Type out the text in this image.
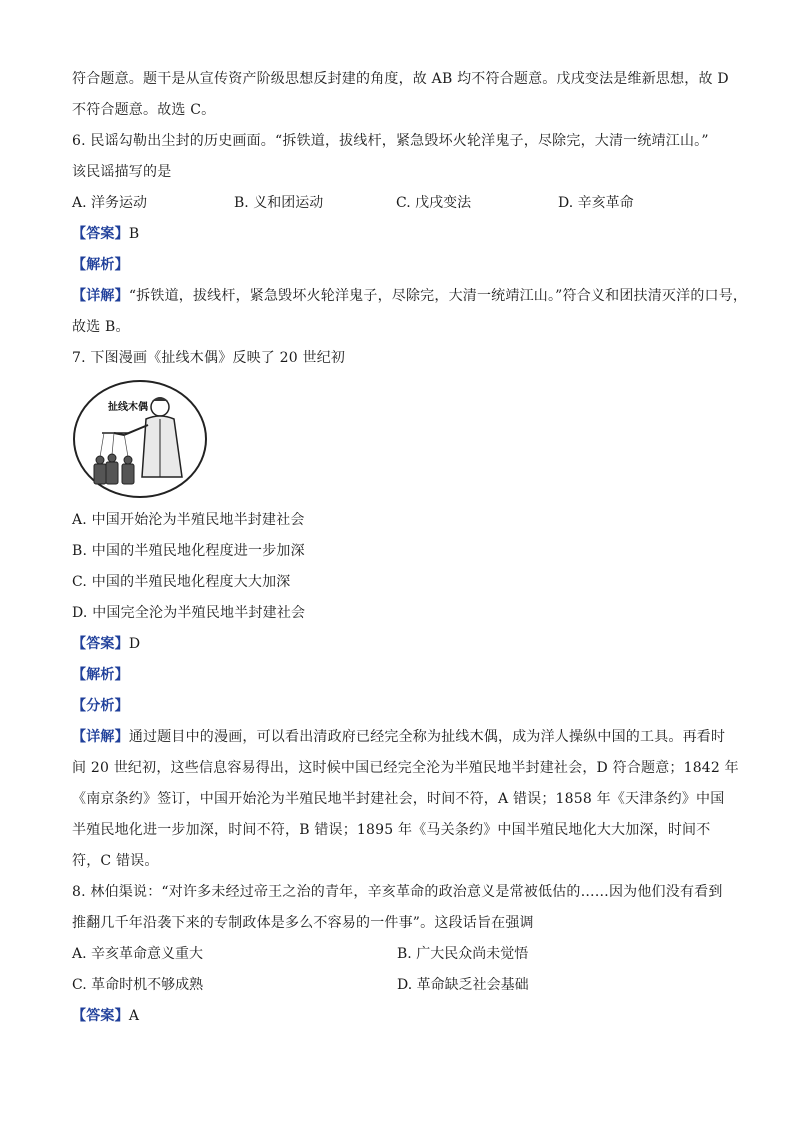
符合题意。题干是从宣传资产阶级思想反封建的角度，故 AB 均不符合题意。戊戌变法是维新思想，故 D
不符合题意。故选 C。
6. 民谣勾勒出尘封的历史画面。“拆铁道，拔线杆，紧急毁坏火轮洋鬼子，尽除完，大清一统靖江山。”
该民谣描写的是
A. 洋务运动	B. 义和团运动	C. 戊戌变法	D. 辛亥革命
【答案】B
【解析】
【详解】“拆铁道，拔线杆，紧急毁坏火轮洋鬼子，尽除完，大清一统靖江山。”符合义和团扶清灭洋的口号，
故选 B。
7. 下图漫画《扯线木偶》反映了 20 世纪初
扯线木偶
A. 中国开始沦为半殖民地半封建社会
B. 中国的半殖民地化程度进一步加深
C. 中国的半殖民地化程度大大加深
D. 中国完全沦为半殖民地半封建社会
【答案】D
【解析】
【分析】
【详解】通过题目中的漫画，可以看出清政府已经完全称为扯线木偶，成为洋人操纵中国的工具。再看时
间 20 世纪初，这些信息容易得出，这时候中国已经完全沦为半殖民地半封建社会，D 符合题意；1842 年
《南京条约》签订，中国开始沦为半殖民地半封建社会，时间不符，A 错误；1858 年《天津条约》中国
半殖民地化进一步加深，时间不符，B 错误；1895 年《马关条约》中国半殖民地化大大加深，时间不
符，C 错误。
8. 林伯渠说：“对许多未经过帝王之治的青年，辛亥革命的政治意义是常被低估的……因为他们没有看到
推翻几千年沿袭下来的专制政体是多么不容易的一件事”。这段话旨在强调
A. 辛亥革命意义重大	B. 广大民众尚未觉悟
C. 革命时机不够成熟	D. 革命缺乏社会基础
【答案】A
